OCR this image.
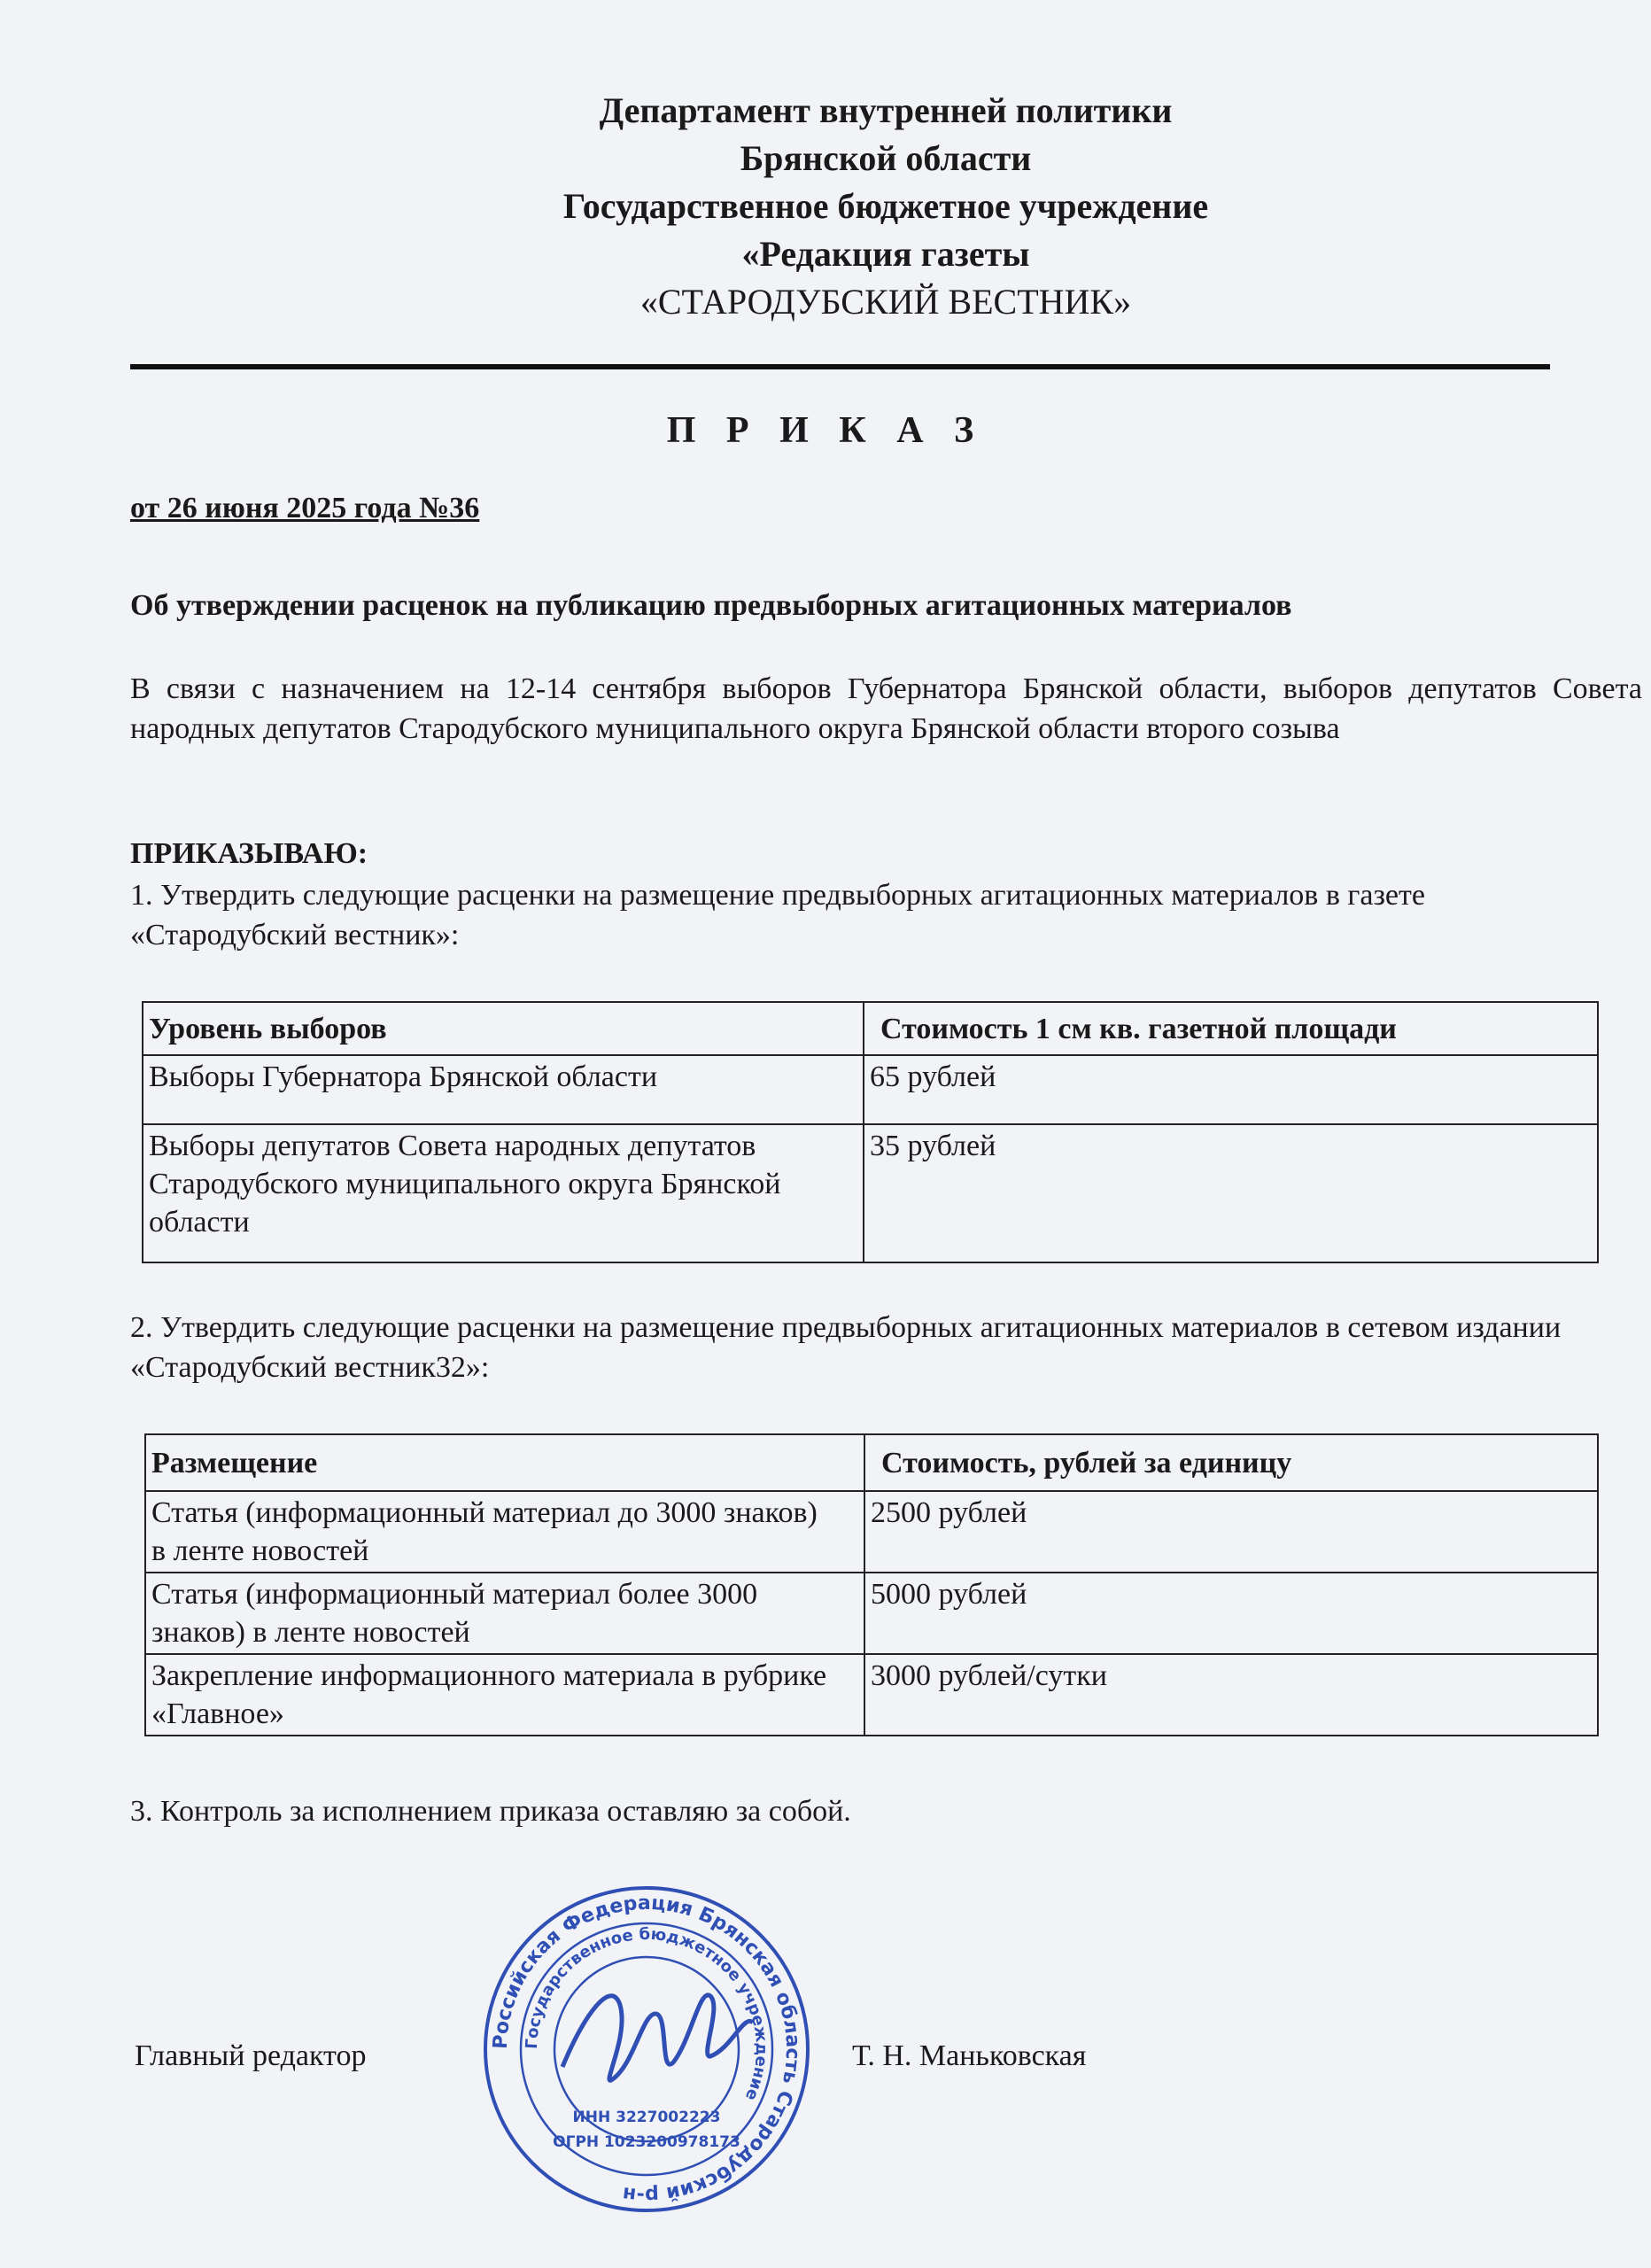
Департамент внутренней политики
Брянской области
Государственное бюджетное учреждение
«Редакция газеты
«СТАРОДУБСКИЙ ВЕСТНИК»
П Р И К А З
от 26 июня 2025 года №36
Об утверждении расценок на публикацию предвыборных агитационных материалов
В связи с назначением на 12-14 сентября выборов Губернатора Брянской области, выборов депутатов Совета народных депутатов Стародубского муниципального округа Брянской области второго созыва
ПРИКАЗЫВАЮ:
1. Утвердить следующие расценки на размещение предвыборных агитационных материалов в газете «Стародубский вестник»:
Уровень выборов	Стоимость 1 см кв. газетной площади
Выборы Губернатора Брянской области	65 рублей
Выборы депутатов Совета народных депутатов Стародубского муниципального округа Брянской области	35 рублей
2. Утвердить следующие расценки на размещение предвыборных агитационных материалов в сетевом издании «Стародубский вестник32»:
Размещение	Стоимость, рублей за единицу
Статья (информационный материал до 3000 знаков) в ленте новостей	2500 рублей
Статья (информационный материал более 3000 знаков) в ленте новостей	5000 рублей
Закрепление информационного материала в рубрике «Главное»	3000 рублей/сутки
3. Контроль за исполнением приказа оставляю за собой.
Российская Федерация Брянская область Стародубский р-н
Государственное бюджетное учреждение
ИНН 3227002223
ОГРН 1023200978173
Главный редактор	Т. Н. Маньковская
